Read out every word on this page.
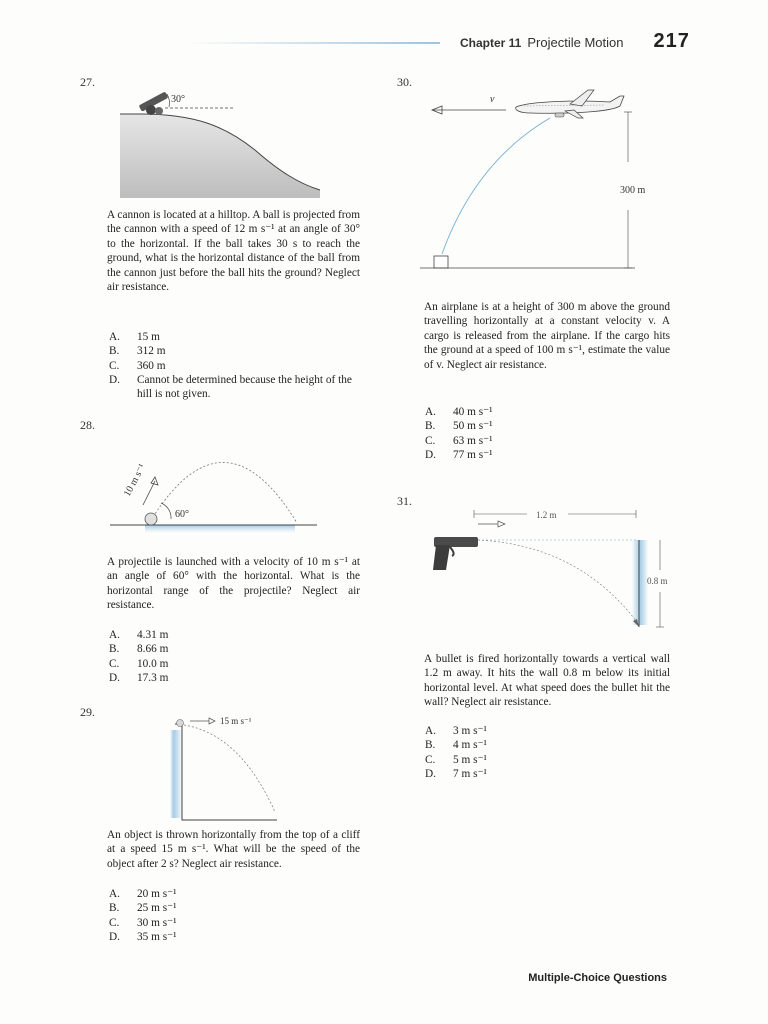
Chapter 11 Projectile Motion 217
27.
30°
A cannon is located at a hilltop. A ball is projected from the cannon with a speed of 12 m s⁻¹ at an angle of 30° to the horizontal. If the ball takes 30 s to reach the ground, what is the horizontal distance of the ball from the cannon just before the ball hits the ground? Neglect air resistance.
A.	15 m
B.	312 m
C.	360 m
D.	Cannot be determined because the height of the hill is not given.
28.
60°
10 m s⁻¹
A projectile is launched with a velocity of 10 m s⁻¹ at an angle of 60° with the horizontal. What is the horizontal range of the projectile? Neglect air resistance.
A.	4.31 m
B.	8.66 m
C.	10.0 m
D.	17.3 m
29.
15 m s⁻¹
An object is thrown horizontally from the top of a cliff at a speed 15 m s⁻¹. What will be the speed of the object after 2 s? Neglect air resistance.
A.	20 m s⁻¹
B.	25 m s⁻¹
C.	30 m s⁻¹
D.	35 m s⁻¹
30.
v
300 m
An airplane is at a height of 300 m above the ground travelling horizontally at a constant velocity v. A cargo is released from the airplane. If the cargo hits the ground at a speed of 100 m s⁻¹, estimate the value of v. Neglect air resistance.
A.	40 m s⁻¹
B.	50 m s⁻¹
C.	63 m s⁻¹
D.	77 m s⁻¹
31.
1.2 m
0.8 m
A bullet is fired horizontally towards a vertical wall 1.2 m away. It hits the wall 0.8 m below its initial horizontal level. At what speed does the bullet hit the wall? Neglect air resistance.
A.	3 m s⁻¹
B.	4 m s⁻¹
C.	5 m s⁻¹
D.	7 m s⁻¹
Multiple-Choice Questions
